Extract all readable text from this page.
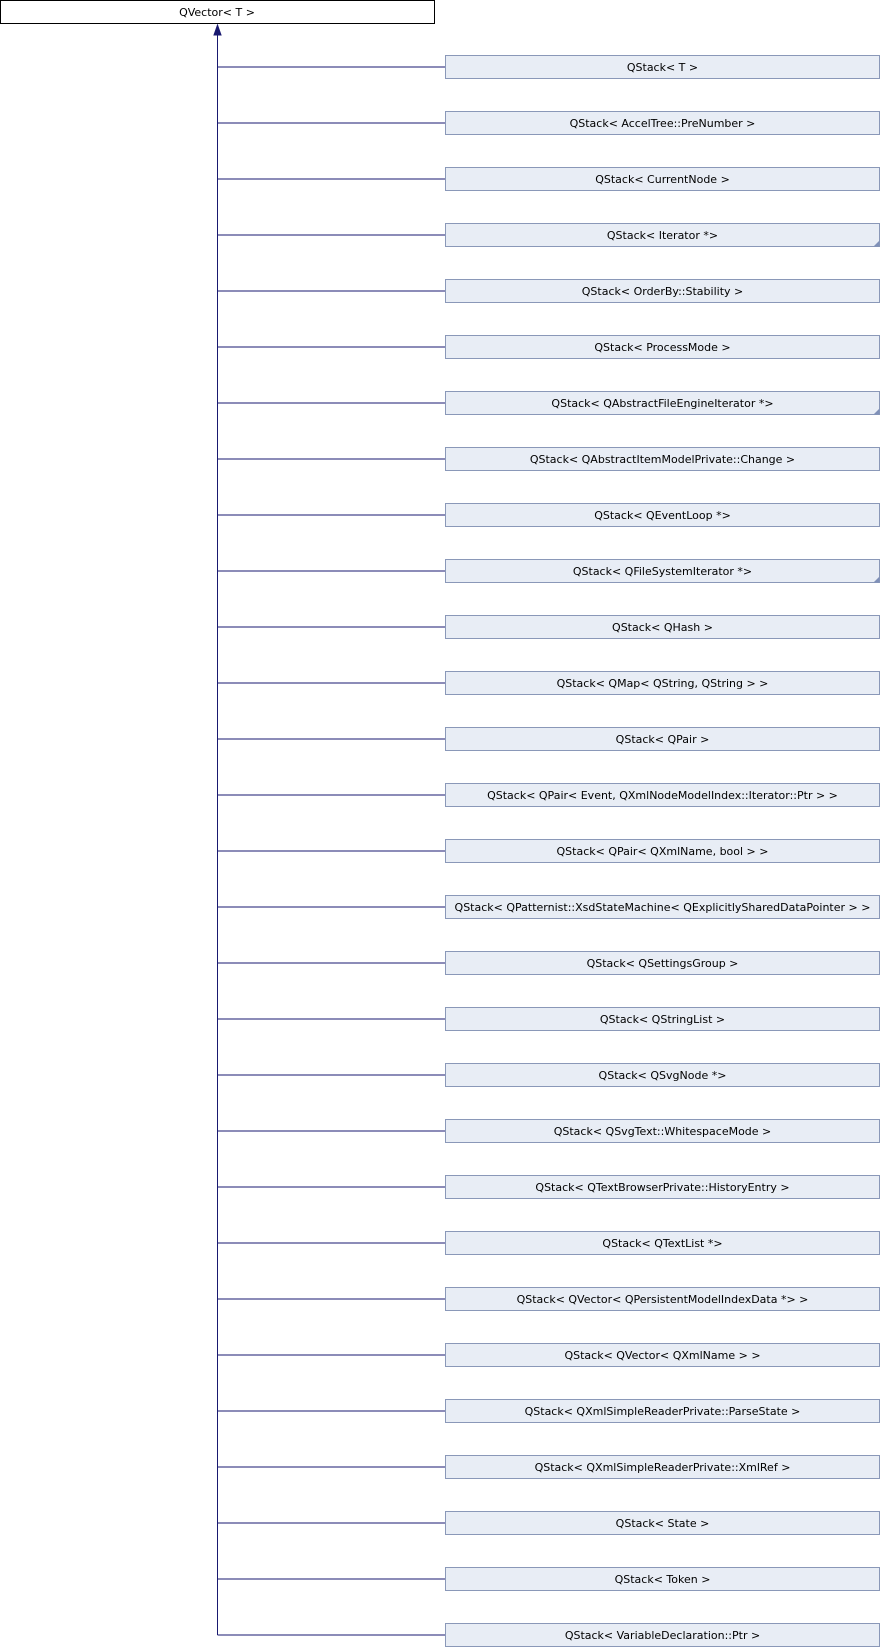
QVector< T >
QStack< T >
QStack< AccelTree::PreNumber >
QStack< CurrentNode >
QStack< Iterator *>
QStack< OrderBy::Stability >
QStack< ProcessMode >
QStack< QAbstractFileEngineIterator *>
QStack< QAbstractItemModelPrivate::Change >
QStack< QEventLoop *>
QStack< QFileSystemIterator *>
QStack< QHash >
QStack< QMap< QString, QString > >
QStack< QPair >
QStack< QPair< Event, QXmlNodeModelIndex::Iterator::Ptr > >
QStack< QPair< QXmlName, bool > >
QStack< QPatternist::XsdStateMachine< QExplicitlySharedDataPointer > >
QStack< QSettingsGroup >
QStack< QStringList >
QStack< QSvgNode *>
QStack< QSvgText::WhitespaceMode >
QStack< QTextBrowserPrivate::HistoryEntry >
QStack< QTextList *>
QStack< QVector< QPersistentModelIndexData *> >
QStack< QVector< QXmlName > >
QStack< QXmlSimpleReaderPrivate::ParseState >
QStack< QXmlSimpleReaderPrivate::XmlRef >
QStack< State >
QStack< Token >
QStack< VariableDeclaration::Ptr >
